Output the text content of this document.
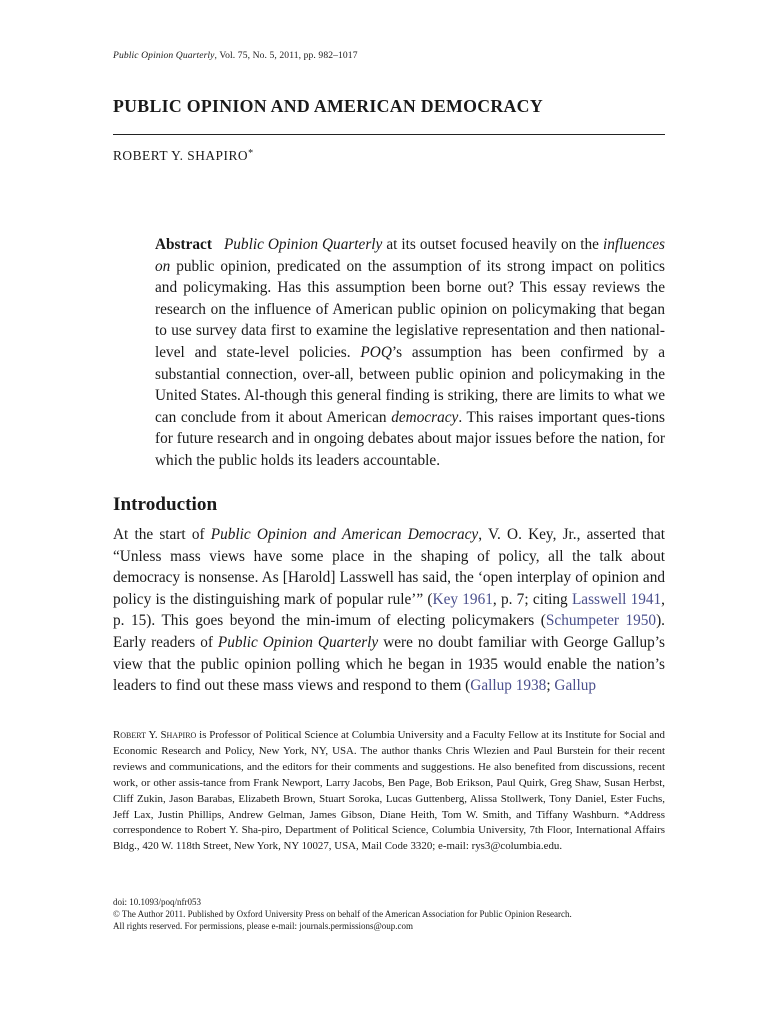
Public Opinion Quarterly, Vol. 75, No. 5, 2011, pp. 982–1017
PUBLIC OPINION AND AMERICAN DEMOCRACY
ROBERT Y. SHAPIRO*

Abstract Public Opinion Quarterly at its outset focused heavily on the influences on public opinion, predicated on the assumption of its strong impact on politics and policymaking. Has this assumption been borne out? This essay reviews the research on the influence of American public opinion on policymaking that began to use survey data first to examine the legislative representation and then national-level and state-level policies. POQ’s assumption has been confirmed by a substantial connection, over-all, between public opinion and policymaking in the United States. Al-though this general finding is striking, there are limits to what we can conclude from it about American democracy. This raises important ques-tions for future research and in ongoing debates about major issues before the nation, for which the public holds its leaders accountable.

Introduction

At the start of Public Opinion and American Democracy, V. O. Key, Jr., asserted that “Unless mass views have some place in the shaping of policy, all the talk about democracy is nonsense. As [Harold] Lasswell has said, the ‘open interplay of opinion and policy is the distinguishing mark of popular rule’” (Key 1961, p. 7; citing Lasswell 1941, p. 15). This goes beyond the min-imum of electing policymakers (Schumpeter 1950). Early readers of Public Opinion Quarterly were no doubt familiar with George Gallup’s view that the public opinion polling which he began in 1935 would enable the nation’s leaders to find out these mass views and respond to them (Gallup 1938; Gallup

Robert Y. Shapiro is Professor of Political Science at Columbia University and a Faculty Fellow at its Institute for Social and Economic Research and Policy, New York, NY, USA. The author thanks Chris Wlezien and Paul Burstein for their recent reviews and communications, and the editors for their comments and suggestions. He also benefited from discussions, recent work, or other assis-tance from Frank Newport, Larry Jacobs, Ben Page, Bob Erikson, Paul Quirk, Greg Shaw, Susan Herbst, Cliff Zukin, Jason Barabas, Elizabeth Brown, Stuart Soroka, Lucas Guttenberg, Alissa Stollwerk, Tony Daniel, Ester Fuchs, Jeff Lax, Justin Phillips, Andrew Gelman, James Gibson, Diane Heith, Tom W. Smith, and Tiffany Washburn. *Address correspondence to Robert Y. Sha-piro, Department of Political Science, Columbia University, 7th Floor, International Affairs Bldg., 420 W. 118th Street, New York, NY 10027, USA, Mail Code 3320; e-mail: rys3@columbia.edu.

doi: 10.1093/poq/nfr053
© The Author 2011. Published by Oxford University Press on behalf of the American Association for Public Opinion Research.
All rights reserved. For permissions, please e-mail: journals.permissions@oup.com
